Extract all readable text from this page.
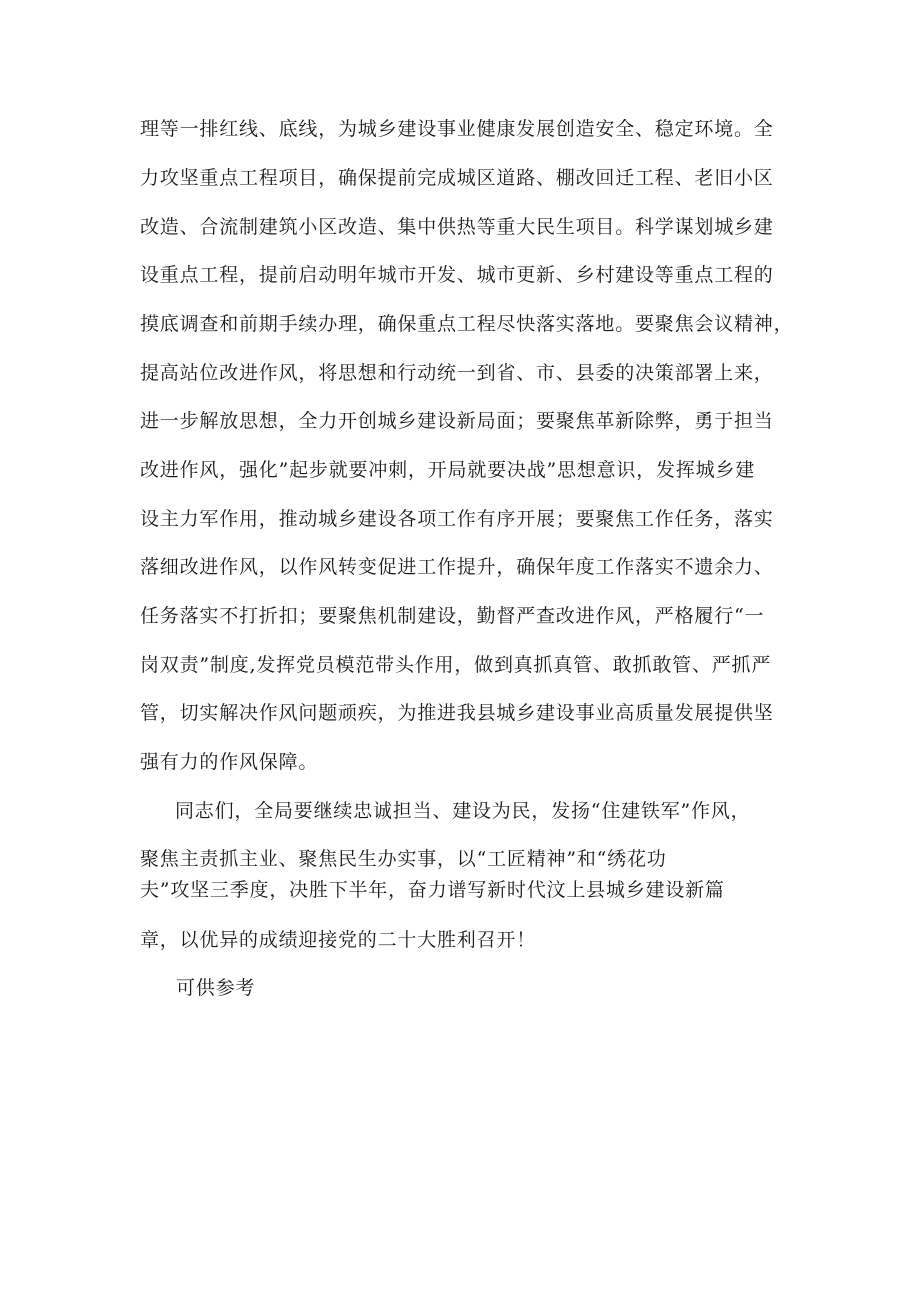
理等一排红线、底线，为城乡建设事业健康发展创造安全、稳定环境。全

力攻坚重点工程项目，确保提前完成城区道路、棚改回迁工程、老旧小区

改造、合流制建筑小区改造、集中供热等重大民生项目。科学谋划城乡建

设重点工程，提前启动明年城市开发、城市更新、乡村建设等重点工程的

摸底调查和前期手续办理，确保重点工程尽快落实落地。要聚焦会议精神，

提高站位改进作风，将思想和行动统一到省、市、县委的决策部署上来，

进一步解放思想，全力开创城乡建设新局面；要聚焦革新除弊，勇于担当

改进作风，强化”起步就要冲刺，开局就要决战”思想意识，发挥城乡建

设主力军作用，推动城乡建设各项工作有序开展；要聚焦工作任务，落实

落细改进作风，以作风转变促进工作提升，确保年度工作落实不遗余力、

任务落实不打折扣；要聚焦机制建设，勤督严查改进作风，严格履行“一

岗双责”制度,发挥党员模范带头作用，做到真抓真管、敢抓敢管、严抓严

管，切实解决作风问题顽疾，为推进我县城乡建设事业高质量发展提供坚

强有力的作风保障。

同志们，全局要继续忠诚担当、建设为民，发扬“住建铁军”作风，

聚焦主责抓主业、聚焦民生办实事，以“工匠精神”和“绣花功

夫”攻坚三季度，决胜下半年，奋力谱写新时代汶上县城乡建设新篇

章，以优异的成绩迎接党的二十大胜利召开！

可供参考
